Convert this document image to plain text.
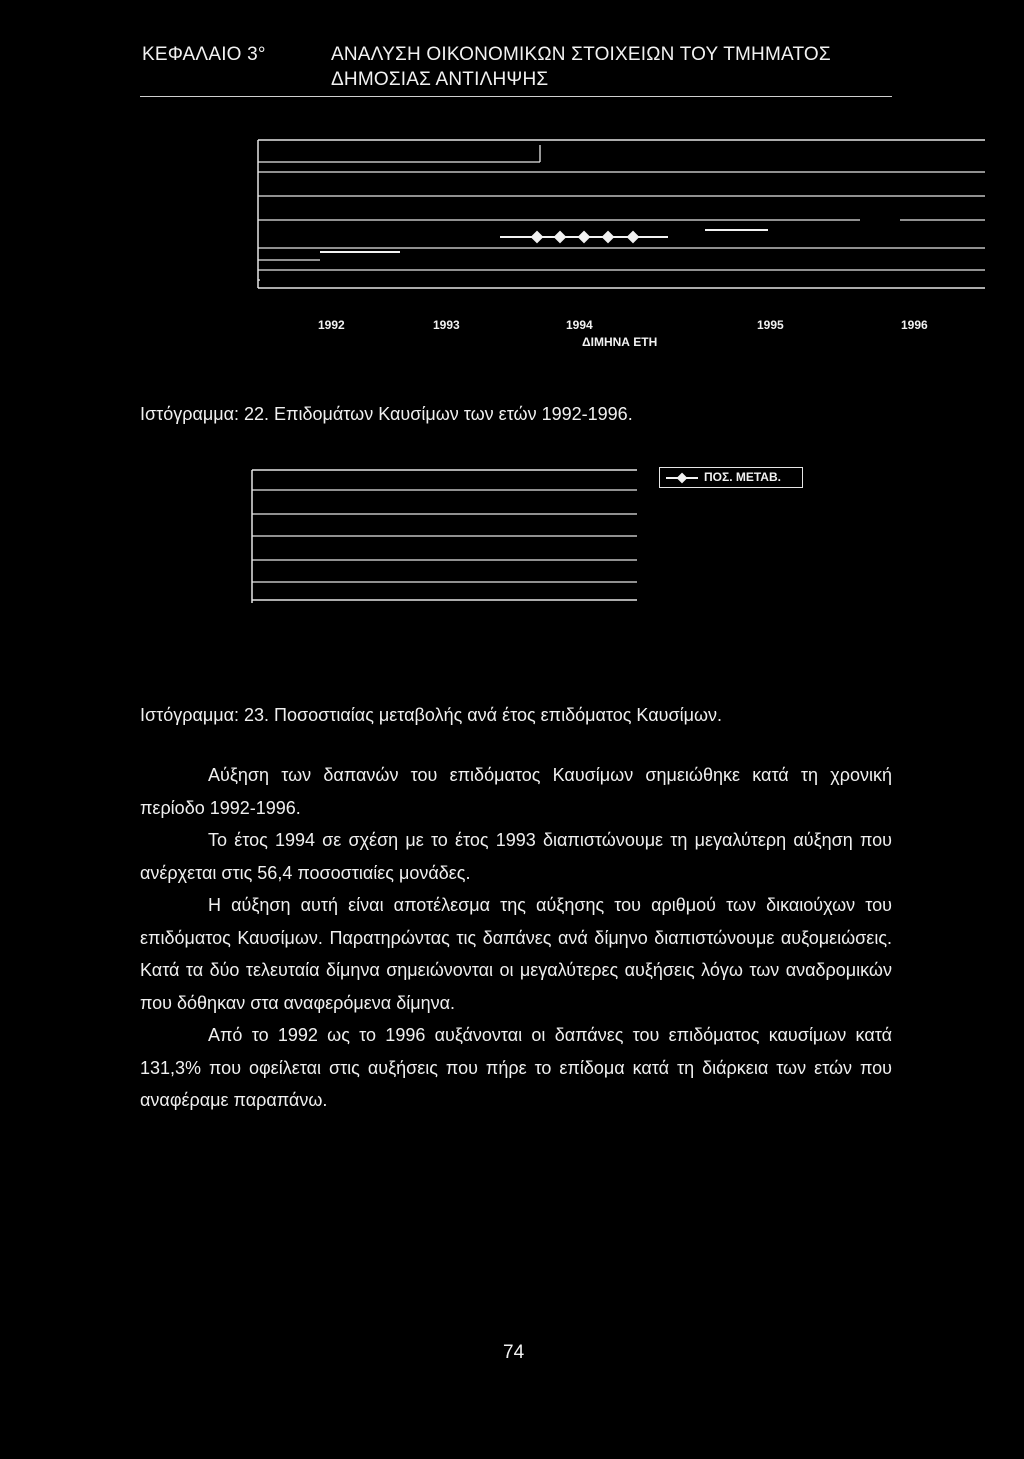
ΚΕΦΑΛΑΙΟ 3°	ΑΝΑΛΥΣΗ ΟΙΚΟΝΟΜΙΚΩΝ ΣΤΟΙΧΕΙΩΝ ΤΟΥ ΤΜΗΜΑΤΟΣ
ΔΗΜΟΣΙΑΣ ΑΝΤΙΛΗΨΗΣ
1992	1993	1994	1995	1996
ΔΙΜΗΝΑ ΕΤΗ
Ιστόγραμμα: 22. Επιδομάτων Καυσίμων των ετών 1992-1996.
ΠΟΣ. ΜΕΤΑΒ.
Ιστόγραμμα: 23. Ποσοστιαίας μεταβολής ανά έτος επιδόματος Καυσίμων.

Αύξηση των δαπανών του επιδόματος Καυσίμων σημειώθηκε κατά τη χρονική περίοδο 1992-1996.

Το έτος 1994 σε σχέση με το έτος 1993 διαπιστώνουμε τη μεγαλύτερη αύξηση που ανέρχεται στις 56,4 ποσοστιαίες μονάδες.

Η αύξηση αυτή είναι αποτέλεσμα της αύξησης του αριθμού των δικαιούχων του επιδόματος Καυσίμων. Παρατηρώντας τις δαπάνες ανά δίμηνο διαπιστώνουμε αυξομειώσεις. Κατά τα δύο τελευταία δίμηνα σημειώνονται οι μεγαλύτερες αυξήσεις λόγω των αναδρομικών που δόθηκαν στα αναφερόμενα δίμηνα.

Από το 1992 ως το 1996 αυξάνονται οι δαπάνες του επιδόματος καυσίμων κατά 131,3% που οφείλεται στις αυξήσεις που πήρε το επίδομα κατά τη διάρκεια των ετών που αναφέραμε παραπάνω.

74
